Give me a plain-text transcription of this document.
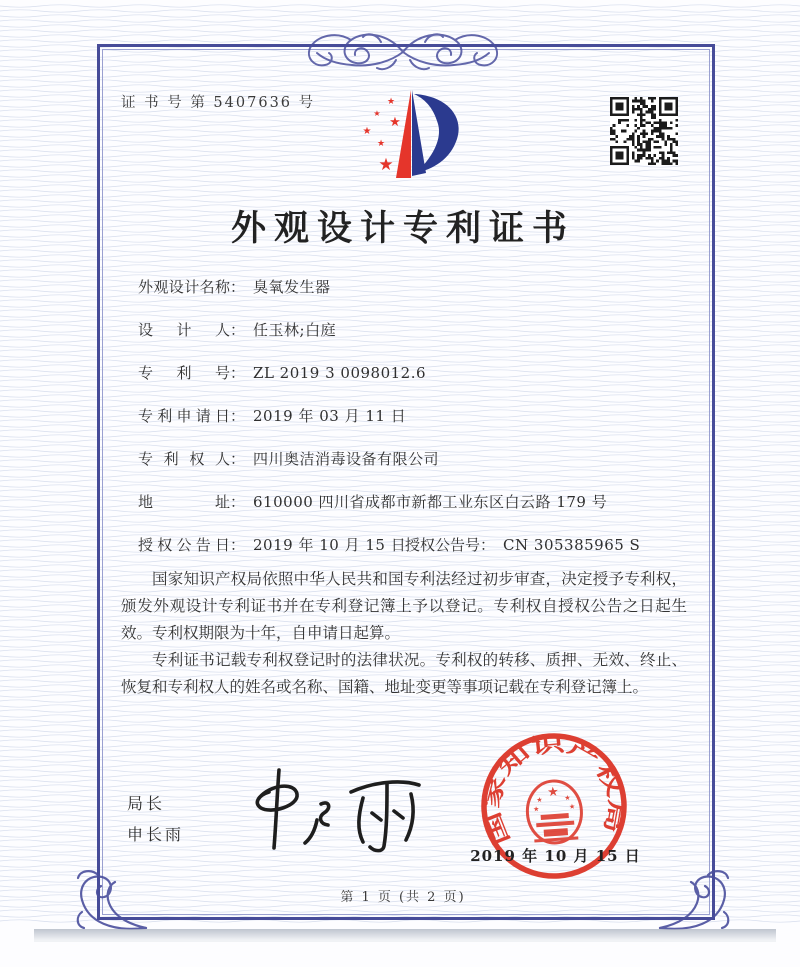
证 书 号 第 5407636 号	★
★
★
★
★
★
外观设计专利证书
外观设计名称： 臭氧发生器
设计人： 任玉林;白庭
专利号： ZL 2019 3 0098012.6
专利申请日： 2019 年 03 月 11 日
专利权人： 四川奥洁消毒设备有限公司
地址： 610000 四川省成都市新都工业东区白云路 179 号
授权公告日： 2019 年 10 月 15 日
授权公告号： CN 305385965 S

国家知识产权局依照中华人民共和国专利法经过初步审查，决定授予专利权，颁发外观设计专利证书并在专利登记簿上予以登记。专利权自授权公告之日起生效。专利权期限为十年，自申请日起算。

专利证书记载专利权登记时的法律状况。专利权的转移、质押、无效、终止、恢复和专利权人的姓名或名称、国籍、地址变更等事项记载在专利登记簿上。

局长
申长雨	国家知识产权局
★
★	★
★	★
2019 年 10 月 15 日
第 1 页 (共 2 页)
